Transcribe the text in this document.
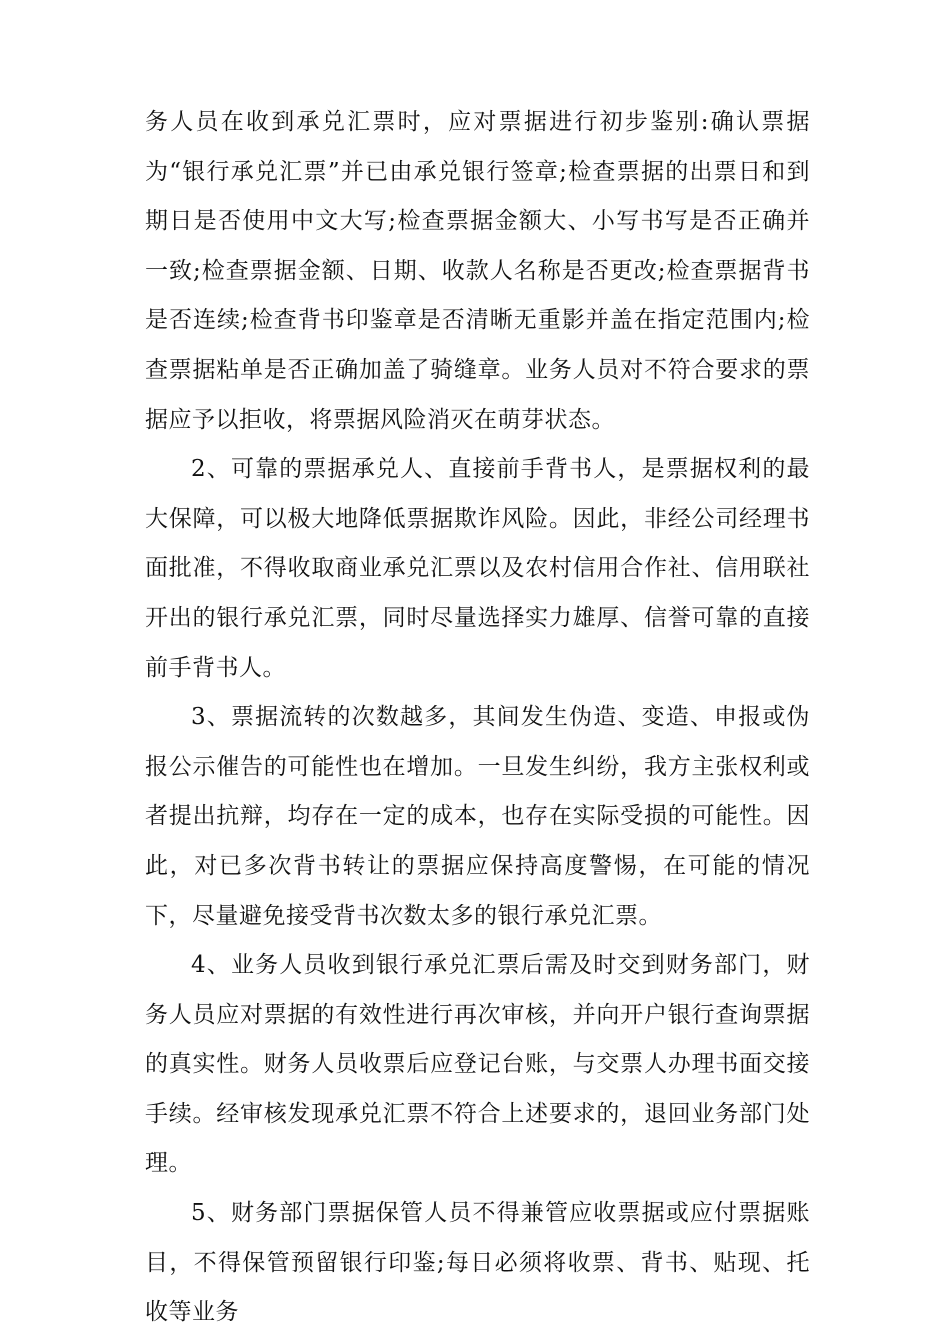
务人员在收到承兑汇票时，应对票据进行初步鉴别:确认票据为“银行承兑汇票”并已由承兑银行签章;检查票据的出票日和到期日是否使用中文大写;检查票据金额大、小写书写是否正确并一致;检查票据金额、日期、收款人名称是否更改;检查票据背书是否连续;检查背书印鉴章是否清晰无重影并盖在指定范围内;检查票据粘单是否正确加盖了骑缝章。业务人员对不符合要求的票据应予以拒收，将票据风险消灭在萌芽状态。

2、可靠的票据承兑人、直接前手背书人，是票据权利的最大保障，可以极大地降低票据欺诈风险。因此，非经公司经理书面批准，不得收取商业承兑汇票以及农村信用合作社、信用联社开出的银行承兑汇票，同时尽量选择实力雄厚、信誉可靠的直接前手背书人。

3、票据流转的次数越多，其间发生伪造、变造、申报或伪报公示催告的可能性也在增加。一旦发生纠纷，我方主张权利或者提出抗辩，均存在一定的成本，也存在实际受损的可能性。因此，对已多次背书转让的票据应保持高度警惕，在可能的情况下，尽量避免接受背书次数太多的银行承兑汇票。

4、业务人员收到银行承兑汇票后需及时交到财务部门，财务人员应对票据的有效性进行再次审核，并向开户银行查询票据的真实性。财务人员收票后应登记台账，与交票人办理书面交接手续。经审核发现承兑汇票不符合上述要求的，退回业务部门处理。

5、财务部门票据保管人员不得兼管应收票据或应付票据账目，不得保管预留银行印鉴;每日必须将收票、背书、贴现、托收等业务
